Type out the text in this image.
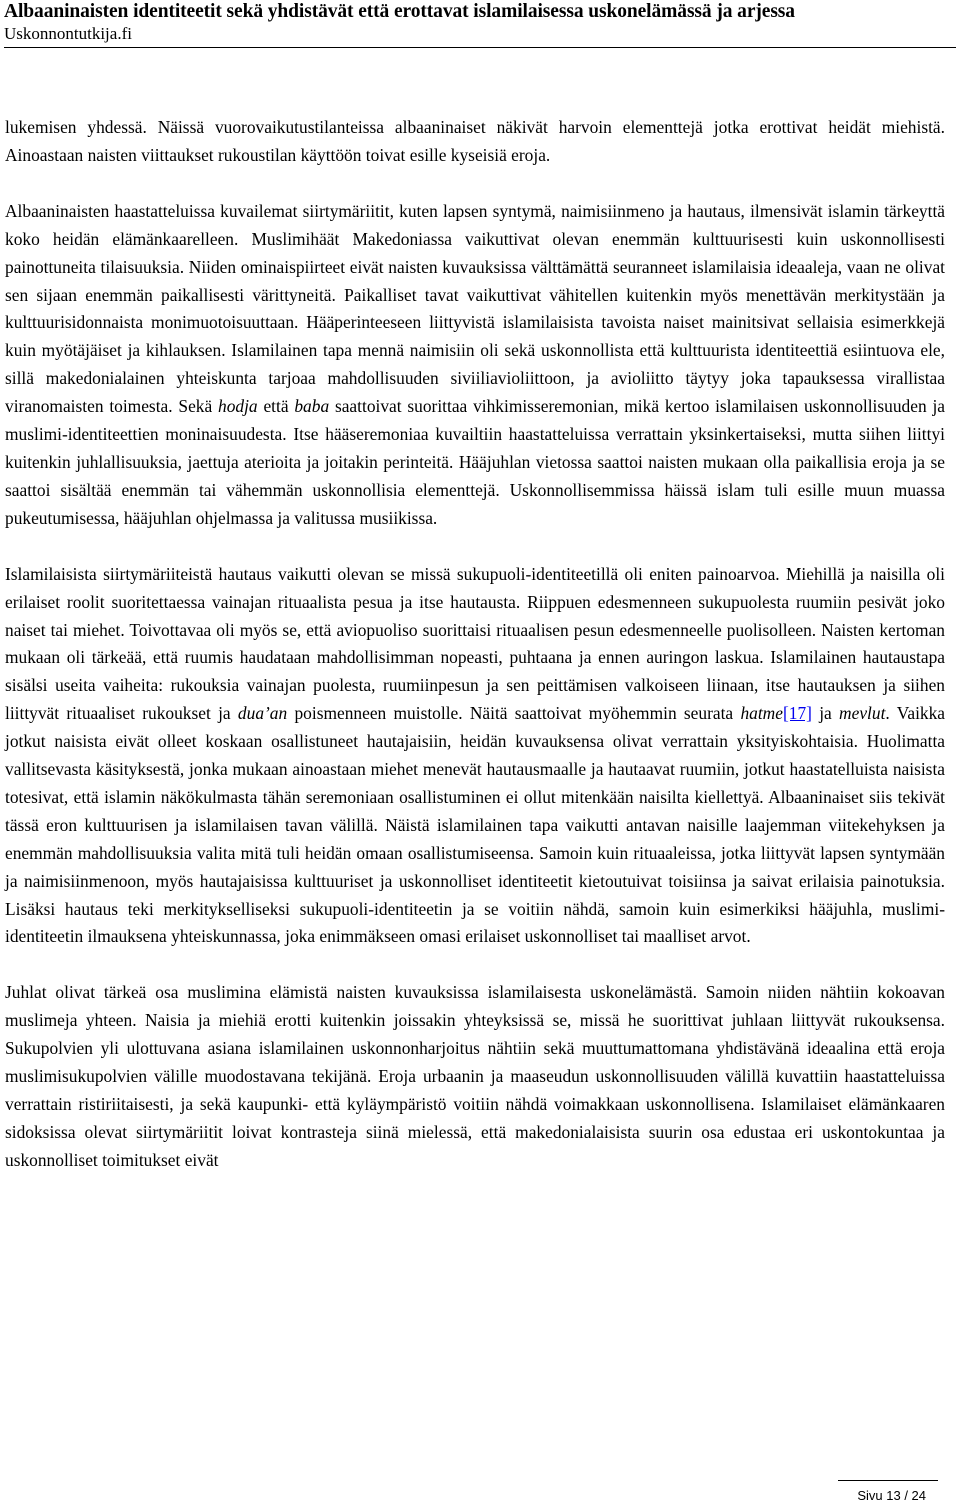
Albaaninaisten identiteetit sekä yhdistävät että erottavat islamilaisessa uskonelämässä ja arjessa
Uskonnontutkija.fi

lukemisen yhdessä. Näissä vuorovaikutustilanteissa albaaninaiset näkivät harvoin elementtejä jotka erottivat heidät miehistä. Ainoastaan naisten viittaukset rukoustilan käyttöön toivat esille kyseisiä eroja.

Albaaninaisten haastatteluissa kuvailemat siirtymäriitit, kuten lapsen syntymä, naimisiinmeno ja hautaus, ilmensivät islamin tärkeyttä koko heidän elämänkaarelleen. Muslimihäät Makedoniassa vaikuttivat olevan enemmän kulttuurisesti kuin uskonnollisesti painottuneita tilaisuuksia. Niiden ominaispiirteet eivät naisten kuvauksissa välttämättä seuranneet islamilaisia ideaaleja, vaan ne olivat sen sijaan enemmän paikallisesti värittyneitä. Paikalliset tavat vaikuttivat vähitellen kuitenkin myös menettävän merkitystään ja kulttuurisidonnaista monimuotoisuuttaan. Hääperinteeseen liittyvistä islamilaisista tavoista naiset mainitsivat sellaisia esimerkkejä kuin myötäjäiset ja kihlauksen. Islamilainen tapa mennä naimisiin oli sekä uskonnollista että kulttuurista identiteettiä esiintuova ele, sillä makedonialainen yhteiskunta tarjoaa mahdollisuuden siviiliavioliittoon, ja avioliitto täytyy joka tapauksessa virallistaa viranomaisten toimesta. Sekä hodja että baba saattoivat suorittaa vihkimisseremonian, mikä kertoo islamilaisen uskonnollisuuden ja muslimi-identiteettien moninaisuudesta. Itse hääseremoniaa kuvailtiin haastatteluissa verrattain yksinkertaiseksi, mutta siihen liittyi kuitenkin juhlallisuuksia, jaettuja aterioita ja joitakin perinteitä. Hääjuhlan vietossa saattoi naisten mukaan olla paikallisia eroja ja se saattoi sisältää enemmän tai vähemmän uskonnollisia elementtejä. Uskonnollisemmissa häissä islam tuli esille muun muassa pukeutumisessa, hääjuhlan ohjelmassa ja valitussa musiikissa.

Islamilaisista siirtymäriiteistä hautaus vaikutti olevan se missä sukupuoli-identiteetillä oli eniten painoarvoa. Miehillä ja naisilla oli erilaiset roolit suoritettaessa vainajan rituaalista pesua ja itse hautausta. Riippuen edesmenneen sukupuolesta ruumiin pesivät joko naiset tai miehet. Toivottavaa oli myös se, että aviopuoliso suorittaisi rituaalisen pesun edesmenneelle puolisolleen. Naisten kertoman mukaan oli tärkeää, että ruumis haudataan mahdollisimman nopeasti, puhtaana ja ennen auringon laskua. Islamilainen hautaustapa sisälsi useita vaiheita: rukouksia vainajan puolesta, ruumiinpesun ja sen peittämisen valkoiseen liinaan, itse hautauksen ja siihen liittyvät rituaaliset rukoukset ja dua’an poismenneen muistolle. Näitä saattoivat myöhemmin seurata hatme[17] ja mevlut. Vaikka jotkut naisista eivät olleet koskaan osallistuneet hautajaisiin, heidän kuvauksensa olivat verrattain yksityiskohtaisia. Huolimatta vallitsevasta käsityksestä, jonka mukaan ainoastaan miehet menevät hautausmaalle ja hautaavat ruumiin, jotkut haastatelluista naisista totesivat, että islamin näkökulmasta tähän seremoniaan osallistuminen ei ollut mitenkään naisilta kiellettyä. Albaaninaiset siis tekivät tässä eron kulttuurisen ja islamilaisen tavan välillä. Näistä islamilainen tapa vaikutti antavan naisille laajemman viitekehyksen ja enemmän mahdollisuuksia valita mitä tuli heidän omaan osallistumiseensa. Samoin kuin rituaaleissa, jotka liittyvät lapsen syntymään ja naimisiinmenoon, myös hautajaisissa kulttuuriset ja uskonnolliset identiteetit kietoutuivat toisiinsa ja saivat erilaisia painotuksia. Lisäksi hautaus teki merkitykselliseksi sukupuoli-identiteetin ja se voitiin nähdä, samoin kuin esimerkiksi hääjuhla, muslimi-identiteetin ilmauksena yhteiskunnassa, joka enimmäkseen omasi erilaiset uskonnolliset tai maalliset arvot.

Juhlat olivat tärkeä osa muslimina elämistä naisten kuvauksissa islamilaisesta uskonelämästä. Samoin niiden nähtiin kokoavan muslimeja yhteen. Naisia ja miehiä erotti kuitenkin joissakin yhteyksissä se, missä he suorittivat juhlaan liittyvät rukouksensa. Sukupolvien yli ulottuvana asiana islamilainen uskonnonharjoitus nähtiin sekä muuttumattomana yhdistävänä ideaalina että eroja muslimisukupolvien välille muodostavana tekijänä. Eroja urbaanin ja maaseudun uskonnollisuuden välillä kuvattiin haastatteluissa verrattain ristiriitaisesti, ja sekä kaupunki- että kyläympäristö voitiin nähdä voimakkaan uskonnollisena. Islamilaiset elämänkaaren sidoksissa olevat siirtymäriitit loivat kontrasteja siinä mielessä, että makedonialaisista suurin osa edustaa eri uskontokuntaa ja uskonnolliset toimitukset eivät

Sivu 13 / 24
